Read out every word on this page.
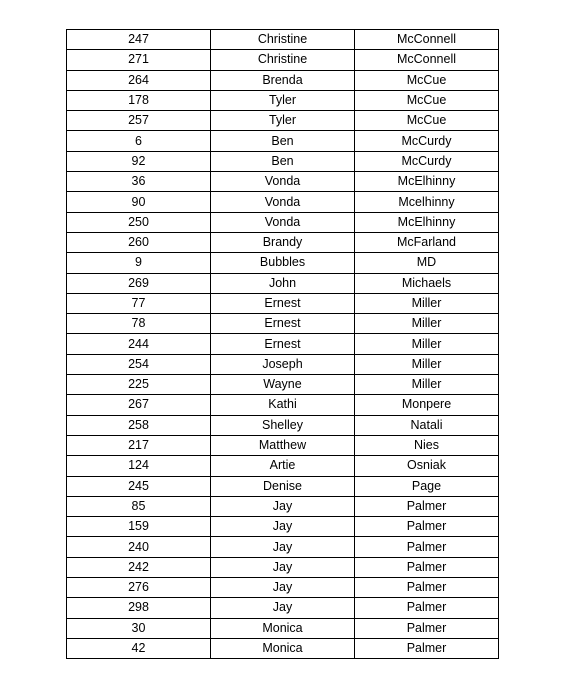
247	Christine	McConnell
271	Christine	McConnell
264	Brenda	McCue
178	Tyler	McCue
257	Tyler	McCue
6	Ben	McCurdy
92	Ben	McCurdy
36	Vonda	McElhinny
90	Vonda	Mcelhinny
250	Vonda	McElhinny
260	Brandy	McFarland
9	Bubbles	MD
269	John	Michaels
77	Ernest	Miller
78	Ernest	Miller
244	Ernest	Miller
254	Joseph	Miller
225	Wayne	Miller
267	Kathi	Monpere
258	Shelley	Natali
217	Matthew	Nies
124	Artie	Osniak
245	Denise	Page
85	Jay	Palmer
159	Jay	Palmer
240	Jay	Palmer
242	Jay	Palmer
276	Jay	Palmer
298	Jay	Palmer
30	Monica	Palmer
42	Monica	Palmer
